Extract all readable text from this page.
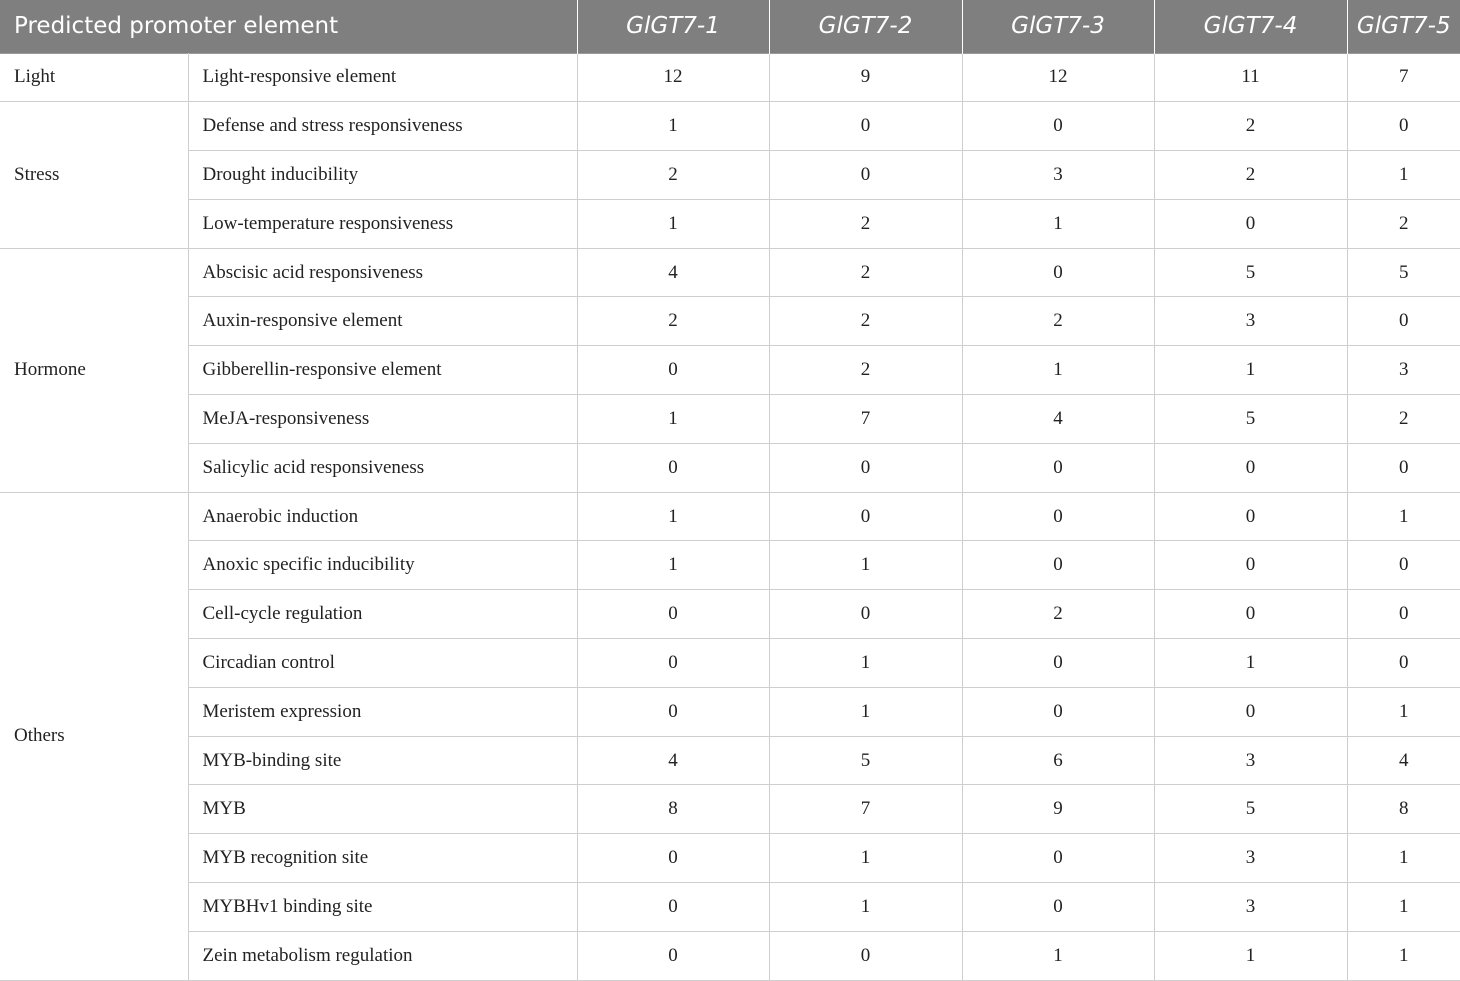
Predicted promoter element		GlGT7-1	GlGT7-2	GlGT7-3	GlGT7-4	GlGT7-5
Light	Light-responsive element	12	9	12	11	7
Stress	Defense and stress responsiveness	1	0	0	2	0
	Drought inducibility	2	0	3	2	1
	Low-temperature responsiveness	1	2	1	0	2
Hormone	Abscisic acid responsiveness	4	2	0	5	5
	Auxin-responsive element	2	2	2	3	0
	Gibberellin-responsive element	0	2	1	1	3
	MeJA-responsiveness	1	7	4	5	2
	Salicylic acid responsiveness	0	0	0	0	0
Others	Anaerobic induction	1	0	0	0	1
	Anoxic specific inducibility	1	1	0	0	0
	Cell-cycle regulation	0	0	2	0	0
	Circadian control	0	1	0	1	0
	Meristem expression	0	1	0	0	1
	MYB-binding site	4	5	6	3	4
	MYB	8	7	9	5	8
	MYB recognition site	0	1	0	3	1
	MYBHv1 binding site	0	1	0	3	1
	Zein metabolism regulation	0	0	1	1	1
